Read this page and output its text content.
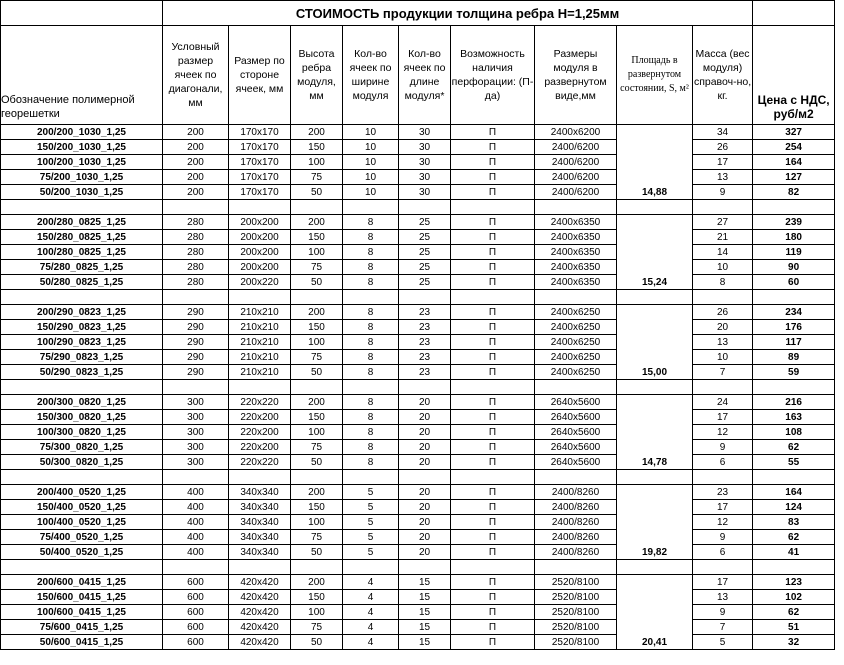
	СТОИМОСТЬ продукции толщина ребра H=1,25мм									
Обозначение полимерной георешетки	Условный размер ячеек по диагонали, мм	Размер по стороне ячеек, мм	Высота ребра модуля, мм	Кол-во ячеек по ширине модуля	Кол-во ячеек по длине модуля*	Возможность наличия перфорации: (П-да)	Размеры модуля в развернутом виде,мм	Площадь в развернутом состоянии, S, м²	Масса (вес модуля) справоч-но, кг.	Цена с НДС, руб/м2
200/200_1030_1,25	200	170x170	200	10	30	П	2400x6200	14,88	34	327
150/200_1030_1,25	200	170x170	150	10	30	П	2400/6200		26	254
100/200_1030_1,25	200	170x170	100	10	30	П	2400/6200		17	164
75/200_1030_1,25	200	170x170	75	10	30	П	2400/6200		13	127
50/200_1030_1,25	200	170x170	50	10	30	П	2400/6200		9	82

200/280_0825_1,25	280	200x200	200	8	25	П	2400x6350	15,24	27	239
150/280_0825_1,25	280	200x200	150	8	25	П	2400x6350		21	180
100/280_0825_1,25	280	200x200	100	8	25	П	2400x6350		14	119
75/280_0825_1,25	280	200x200	75	8	25	П	2400x6350		10	90
50/280_0825_1,25	280	200x220	50	8	25	П	2400x6350		8	60

200/290_0823_1,25	290	210x210	200	8	23	П	2400x6250	15,00	26	234
150/290_0823_1,25	290	210x210	150	8	23	П	2400x6250		20	176
100/290_0823_1,25	290	210x210	100	8	23	П	2400x6250		13	117
75/290_0823_1,25	290	210x210	75	8	23	П	2400x6250		10	89
50/290_0823_1,25	290	210x210	50	8	23	П	2400x6250		7	59

200/300_0820_1,25	300	220x220	200	8	20	П	2640x5600	14,78	24	216
150/300_0820_1,25	300	220x200	150	8	20	П	2640x5600		17	163
100/300_0820_1,25	300	220x200	100	8	20	П	2640x5600		12	108
75/300_0820_1,25	300	220x200	75	8	20	П	2640x5600		9	62
50/300_0820_1,25	300	220x220	50	8	20	П	2640x5600		6	55

200/400_0520_1,25	400	340x340	200	5	20	П	2400/8260	19,82	23	164
150/400_0520_1,25	400	340x340	150	5	20	П	2400/8260		17	124
100/400_0520_1,25	400	340x340	100	5	20	П	2400/8260		12	83
75/400_0520_1,25	400	340x340	75	5	20	П	2400/8260		9	62
50/400_0520_1,25	400	340x340	50	5	20	П	2400/8260		6	41

200/600_0415_1,25	600	420x420	200	4	15	П	2520/8100	20,41	17	123
150/600_0415_1,25	600	420x420	150	4	15	П	2520/8100		13	102
100/600_0415_1,25	600	420x420	100	4	15	П	2520/8100		9	62
75/600_0415_1,25	600	420x420	75	4	15	П	2520/8100		7	51
50/600_0415_1,25	600	420x420	50	4	15	П	2520/8100		5	32
